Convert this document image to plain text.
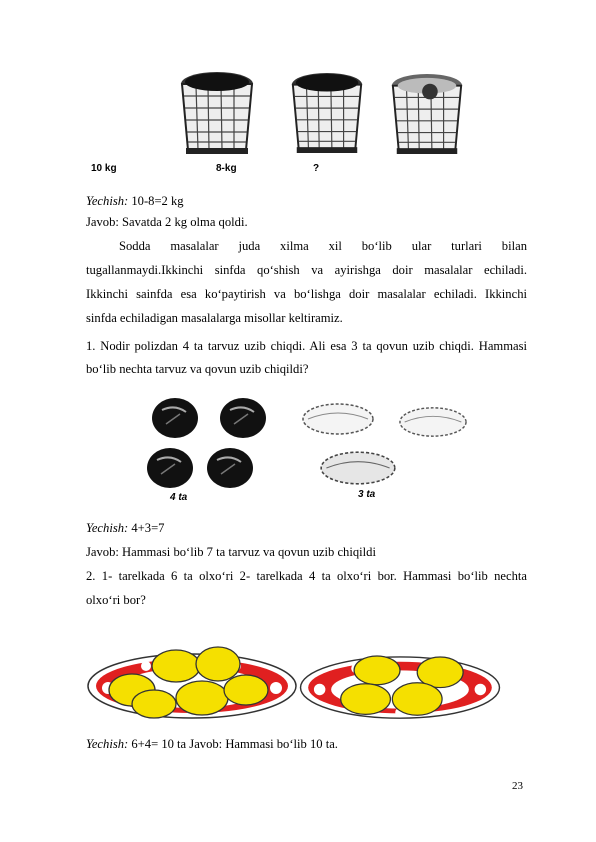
10 kg	8-kg	?
Yechish: 10-8=2 kg
Javob: Savatda 2 kg olma qoldi.
Sodda masalalar juda xilma xil bo‘lib ular turlari bilan
tugallanmaydi.Ikkinchi sinfda qo‘shish va ayirishga doir masalalar echiladi.
Ikkinchi sainfda esa ko‘paytirish va bo‘lishga doir masalalar echiladi. Ikkinchi
sinfda echiladigan masalalarga misollar keltiramiz.
1. Nodir polizdan 4 ta tarvuz uzib chiqdi. Ali esa 3 ta qovun uzib chiqdi. Hammasi
bo‘lib nechta tarvuz va qovun uzib chiqildi?
4 ta	3 ta
Yechish: 4+3=7
Javob: Hammasi bo‘lib 7 ta tarvuz va qovun uzib chiqildi
2. 1- tarelkada 6 ta olxo‘ri 2- tarelkada 4 ta olxo‘ri bor. Hammasi bo‘lib nechta
olxo‘ri bor?
Yechish: 6+4= 10 ta Javob: Hammasi bo‘lib 10 ta.
23
